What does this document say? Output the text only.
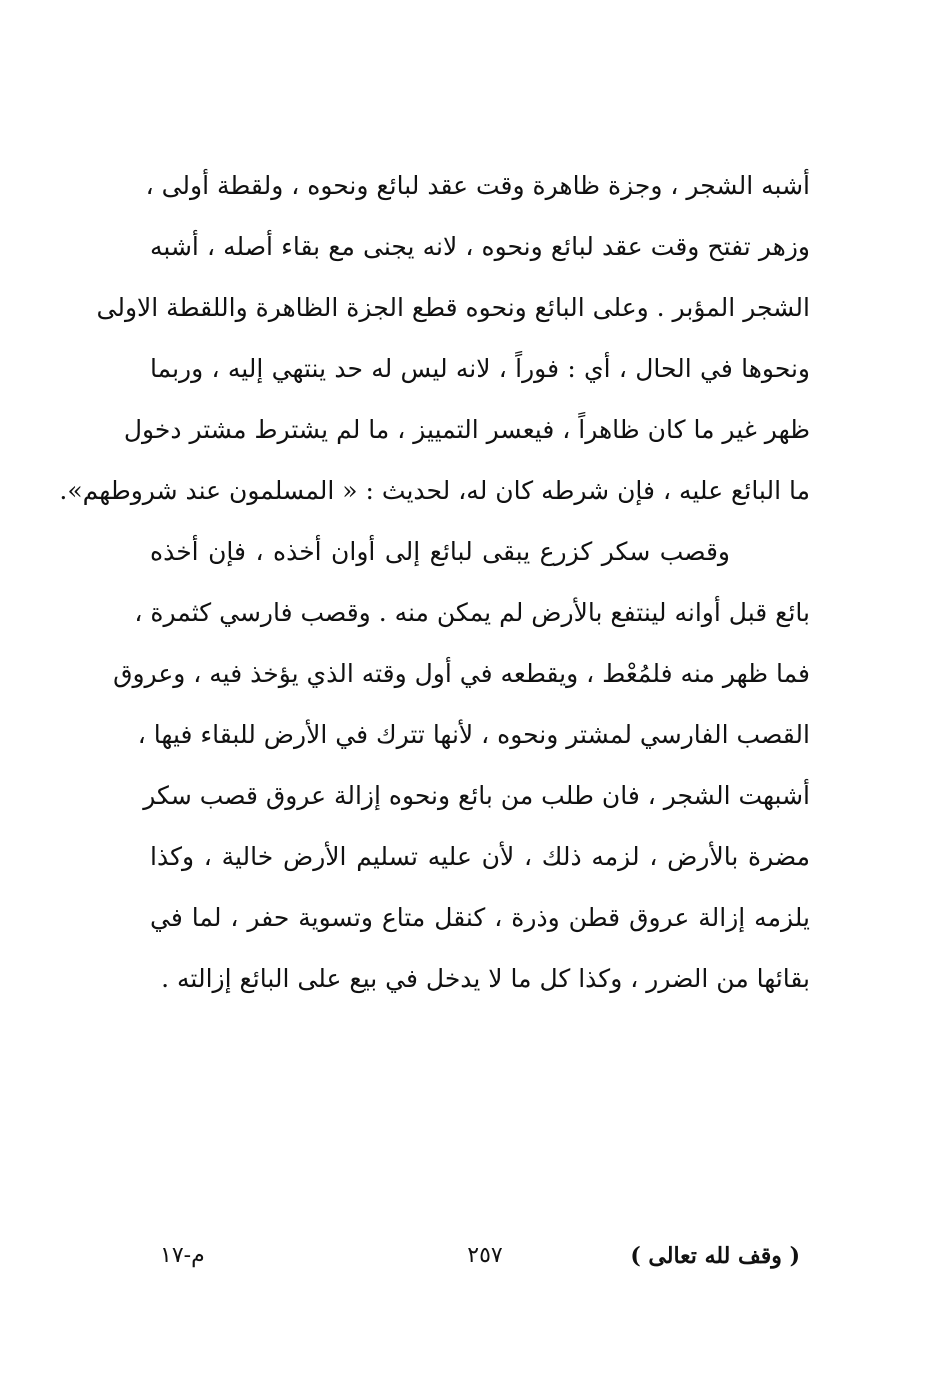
أشبه الشجر ، وجزة ظاهرة وقت عقد لبائع ونحوه ، ولقطة أولى ،
وزهر تفتح وقت عقد لبائع ونحوه ، لانه يجنى مع بقاء أصله ، أشبه
الشجر المؤبر . وعلى البائع ونحوه قطع الجزة الظاهرة واللقطة الاولى
ونحوها في الحال ، أي : فوراً ، لانه ليس له حد ينتهي إليه ، وربما
ظهر غير ما كان ظاهراً ، فيعسر التمييز ، ما لم يشترط مشتر دخول
ما البائع عليه ، فإن شرطه كان له، لحديث : « المسلمون عند شروطهم».
وقصب سكر كزرع يبقى لبائع إلى أوان أخذه ، فإن أخذه
بائع قبل أوانه لينتفع بالأرض لم يمكن منه . وقصب فارسي كثمرة ،
فما ظهر منه فلمُعْط ، ويقطعه في أول وقته الذي يؤخذ فيه ، وعروق
القصب الفارسي لمشتر ونحوه ، لأنها تترك في الأرض للبقاء فيها ،
أشبهت الشجر ، فان طلب من بائع ونحوه إزالة عروق قصب سكر
مضرة بالأرض ، لزمه ذلك ، لأن عليه تسليم الأرض خالية ، وكذا
يلزمه إزالة عروق قطن وذرة ، كنقل متاع وتسوية حفر ، لما في
بقائها من الضرر ، وكذا كل ما لا يدخل في بيع على البائع إزالته .
( وقف لله تعالى )
٢٥٧
م-١٧
